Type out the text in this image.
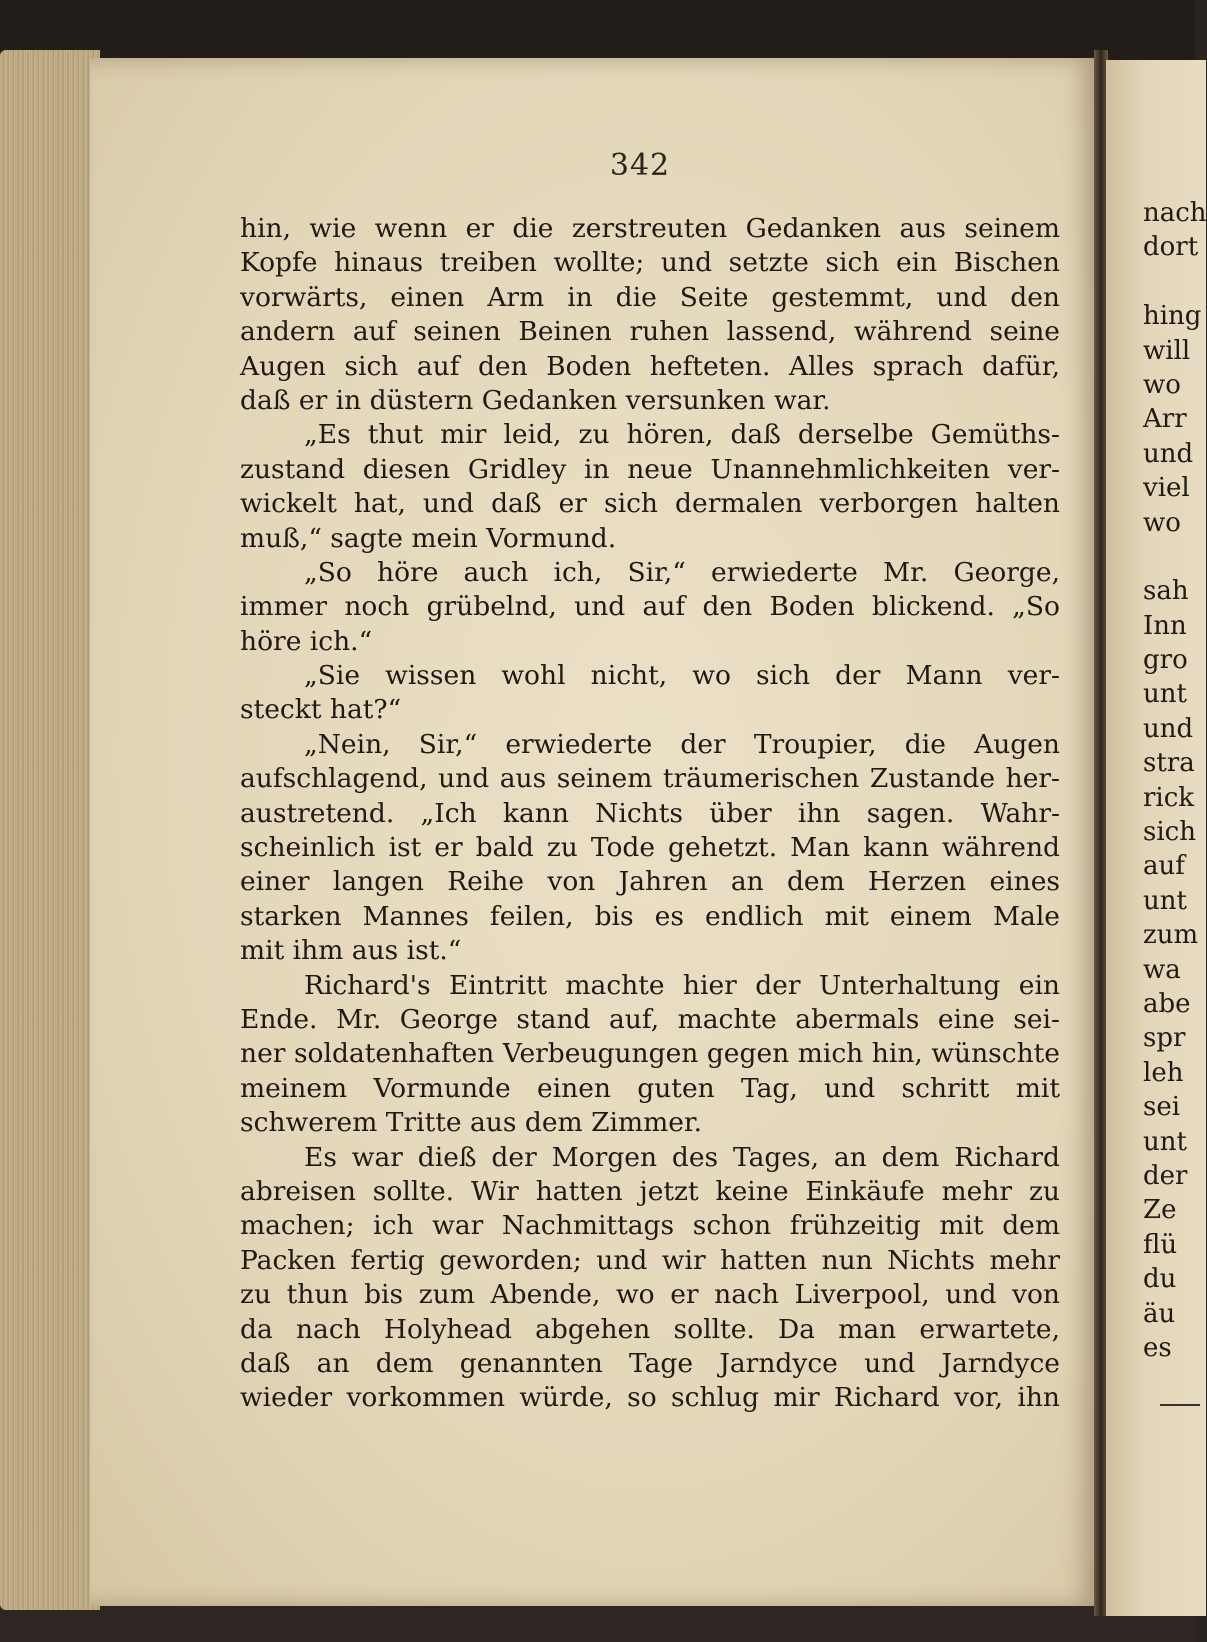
342
hin, wie wenn er die zerstreuten Gedanken aus seinem
Kopfe hinaus treiben wollte; und setzte sich ein Bischen
vorwärts, einen Arm in die Seite gestemmt, und den
andern auf seinen Beinen ruhen lassend, während seine
Augen sich auf den Boden hefteten. Alles sprach dafür,
daß er in düstern Gedanken versunken war.
„Es thut mir leid, zu hören, daß derselbe Gemüths-
zustand diesen Gridley in neue Unannehmlichkeiten ver-
wickelt hat, und daß er sich dermalen verborgen halten
muß,“ sagte mein Vormund.
„So höre auch ich, Sir,“ erwiederte Mr. George,
immer noch grübelnd, und auf den Boden blickend. „So
höre ich.“
„Sie wissen wohl nicht, wo sich der Mann ver-
steckt hat?“
„Nein, Sir,“ erwiederte der Troupier, die Augen
aufschlagend, und aus seinem träumerischen Zustande her-
austretend. „Ich kann Nichts über ihn sagen. Wahr-
scheinlich ist er bald zu Tode gehetzt. Man kann während
einer langen Reihe von Jahren an dem Herzen eines
starken Mannes feilen, bis es endlich mit einem Male
mit ihm aus ist.“
Richard's Eintritt machte hier der Unterhaltung ein
Ende. Mr. George stand auf, machte abermals eine sei-
ner soldatenhaften Verbeugungen gegen mich hin, wünschte
meinem Vormunde einen guten Tag, und schritt mit
schwerem Tritte aus dem Zimmer.
Es war dieß der Morgen des Tages, an dem Richard
abreisen sollte. Wir hatten jetzt keine Einkäufe mehr zu
machen; ich war Nachmittags schon frühzeitig mit dem
Packen fertig geworden; und wir hatten nun Nichts mehr
zu thun bis zum Abende, wo er nach Liverpool, und von
da nach Holyhead abgehen sollte. Da man erwartete,
daß an dem genannten Tage Jarndyce und Jarndyce
wieder vorkommen würde, so schlug mir Richard vor, ihn
nach
dort
hing
will
wo
Arr
und
viel
wo
sah
Inn
gro
unt
und
stra
rick
sich
auf
unt
zum
wa
abe
spr
leh
sei
unt
der
Ze
flü
du
äu
es
